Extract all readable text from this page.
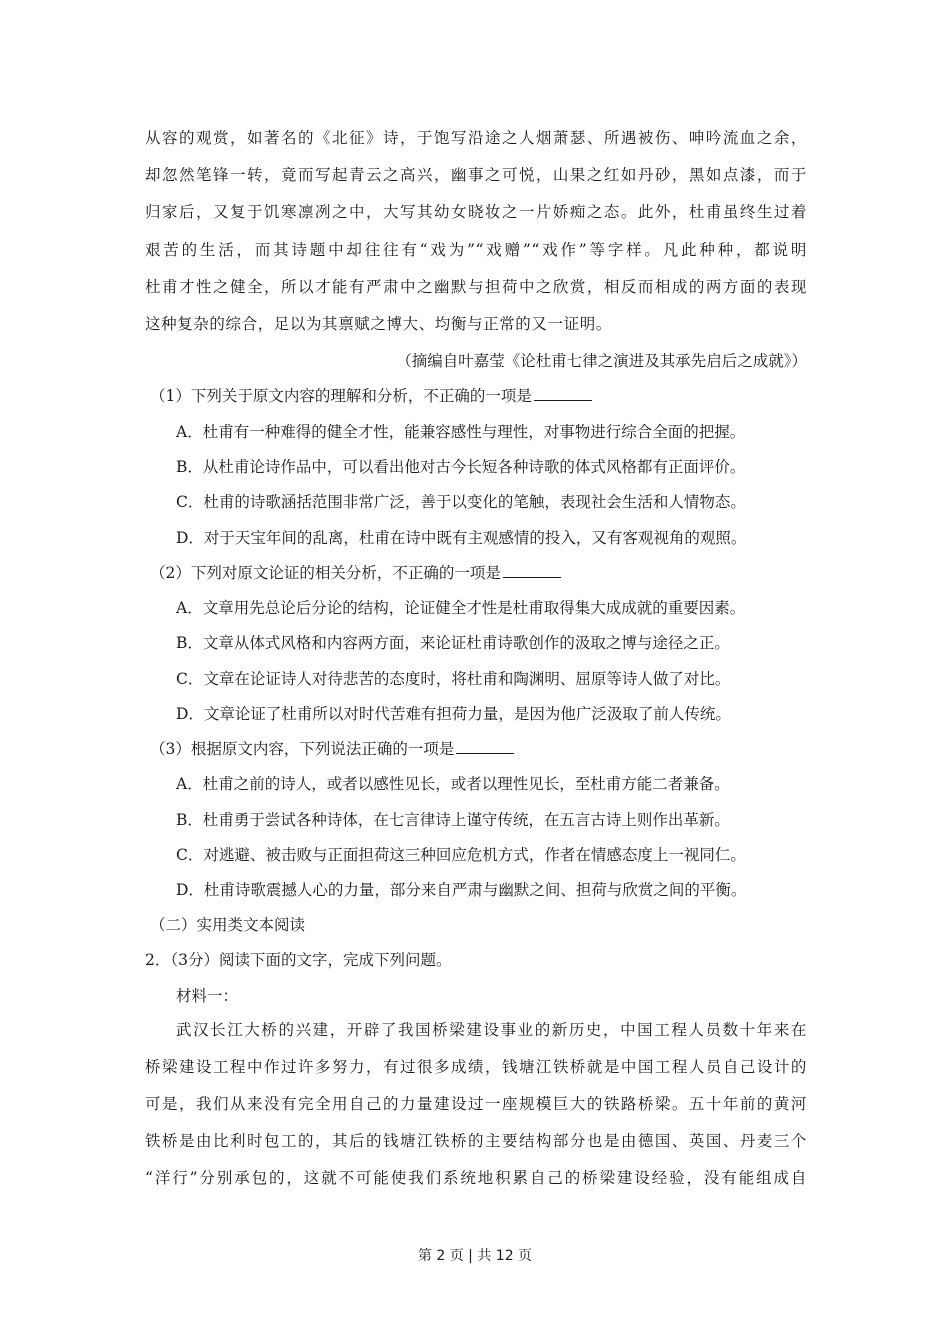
从容的观赏，如著名的《北征》诗，于饱写沿途之人烟萧瑟、所遇被伤、呻吟流血之余，
却忽然笔锋一转，竟而写起青云之高兴，幽事之可悦，山果之红如丹砂，黑如点漆，而于
归家后，又复于饥寒凛冽之中，大写其幼女晓妆之一片娇痴之态。此外，杜甫虽终生过着
艰苦的生活，而其诗题中却往往有“戏为”“戏赠”“戏作”等字样。凡此种种，都说明
杜甫才性之健全，所以才能有严肃中之幽默与担荷中之欣赏，相反而相成的两方面的表现
这种复杂的综合，足以为其禀赋之博大、均衡与正常的又一证明。
（摘编自叶嘉莹《论杜甫七律之演进及其承先启后之成就》）
（1）下列关于原文内容的理解和分析，不正确的一项是
A．杜甫有一种难得的健全才性，能兼容感性与理性，对事物进行综合全面的把握。
B．从杜甫论诗作品中，可以看出他对古今长短各种诗歌的体式风格都有正面评价。
C．杜甫的诗歌涵括范围非常广泛，善于以变化的笔触，表现社会生活和人情物态。
D．对于天宝年间的乱离，杜甫在诗中既有主观感情的投入，又有客观视角的观照。
（2）下列对原文论证的相关分析，不正确的一项是
A．文章用先总论后分论的结构，论证健全才性是杜甫取得集大成成就的重要因素。
B．文章从体式风格和内容两方面，来论证杜甫诗歌创作的汲取之博与途径之正。
C．文章在论证诗人对待悲苦的态度时，将杜甫和陶渊明、屈原等诗人做了对比。
D．文章论证了杜甫所以对时代苦难有担荷力量，是因为他广泛汲取了前人传统。
（3）根据原文内容，下列说法正确的一项是
A．杜甫之前的诗人，或者以感性见长，或者以理性见长，至杜甫方能二者兼备。
B．杜甫勇于尝试各种诗体，在七言律诗上谨守传统，在五言古诗上则作出革新。
C．对逃避、被击败与正面担荷这三种回应危机方式，作者在情感态度上一视同仁。
D．杜甫诗歌震撼人心的力量，部分来自严肃与幽默之间、担荷与欣赏之间的平衡。
（二）实用类文本阅读
2．（3分）阅读下面的文字，完成下列问题。
材料一：
武汉长江大桥的兴建，开辟了我国桥梁建设事业的新历史，中国工程人员数十年来在
桥梁建设工程中作过许多努力，有过很多成绩，钱塘江铁桥就是中国工程人员自己设计的
可是，我们从来没有完全用自己的力量建设过一座规模巨大的铁路桥梁。五十年前的黄河
铁桥是由比利时包工的，其后的钱塘江铁桥的主要结构部分也是由德国、英国、丹麦三个
“洋行”分别承包的，这就不可能使我们系统地积累自己的桥梁建设经验，没有能组成自
第 2 页 | 共 12 页
